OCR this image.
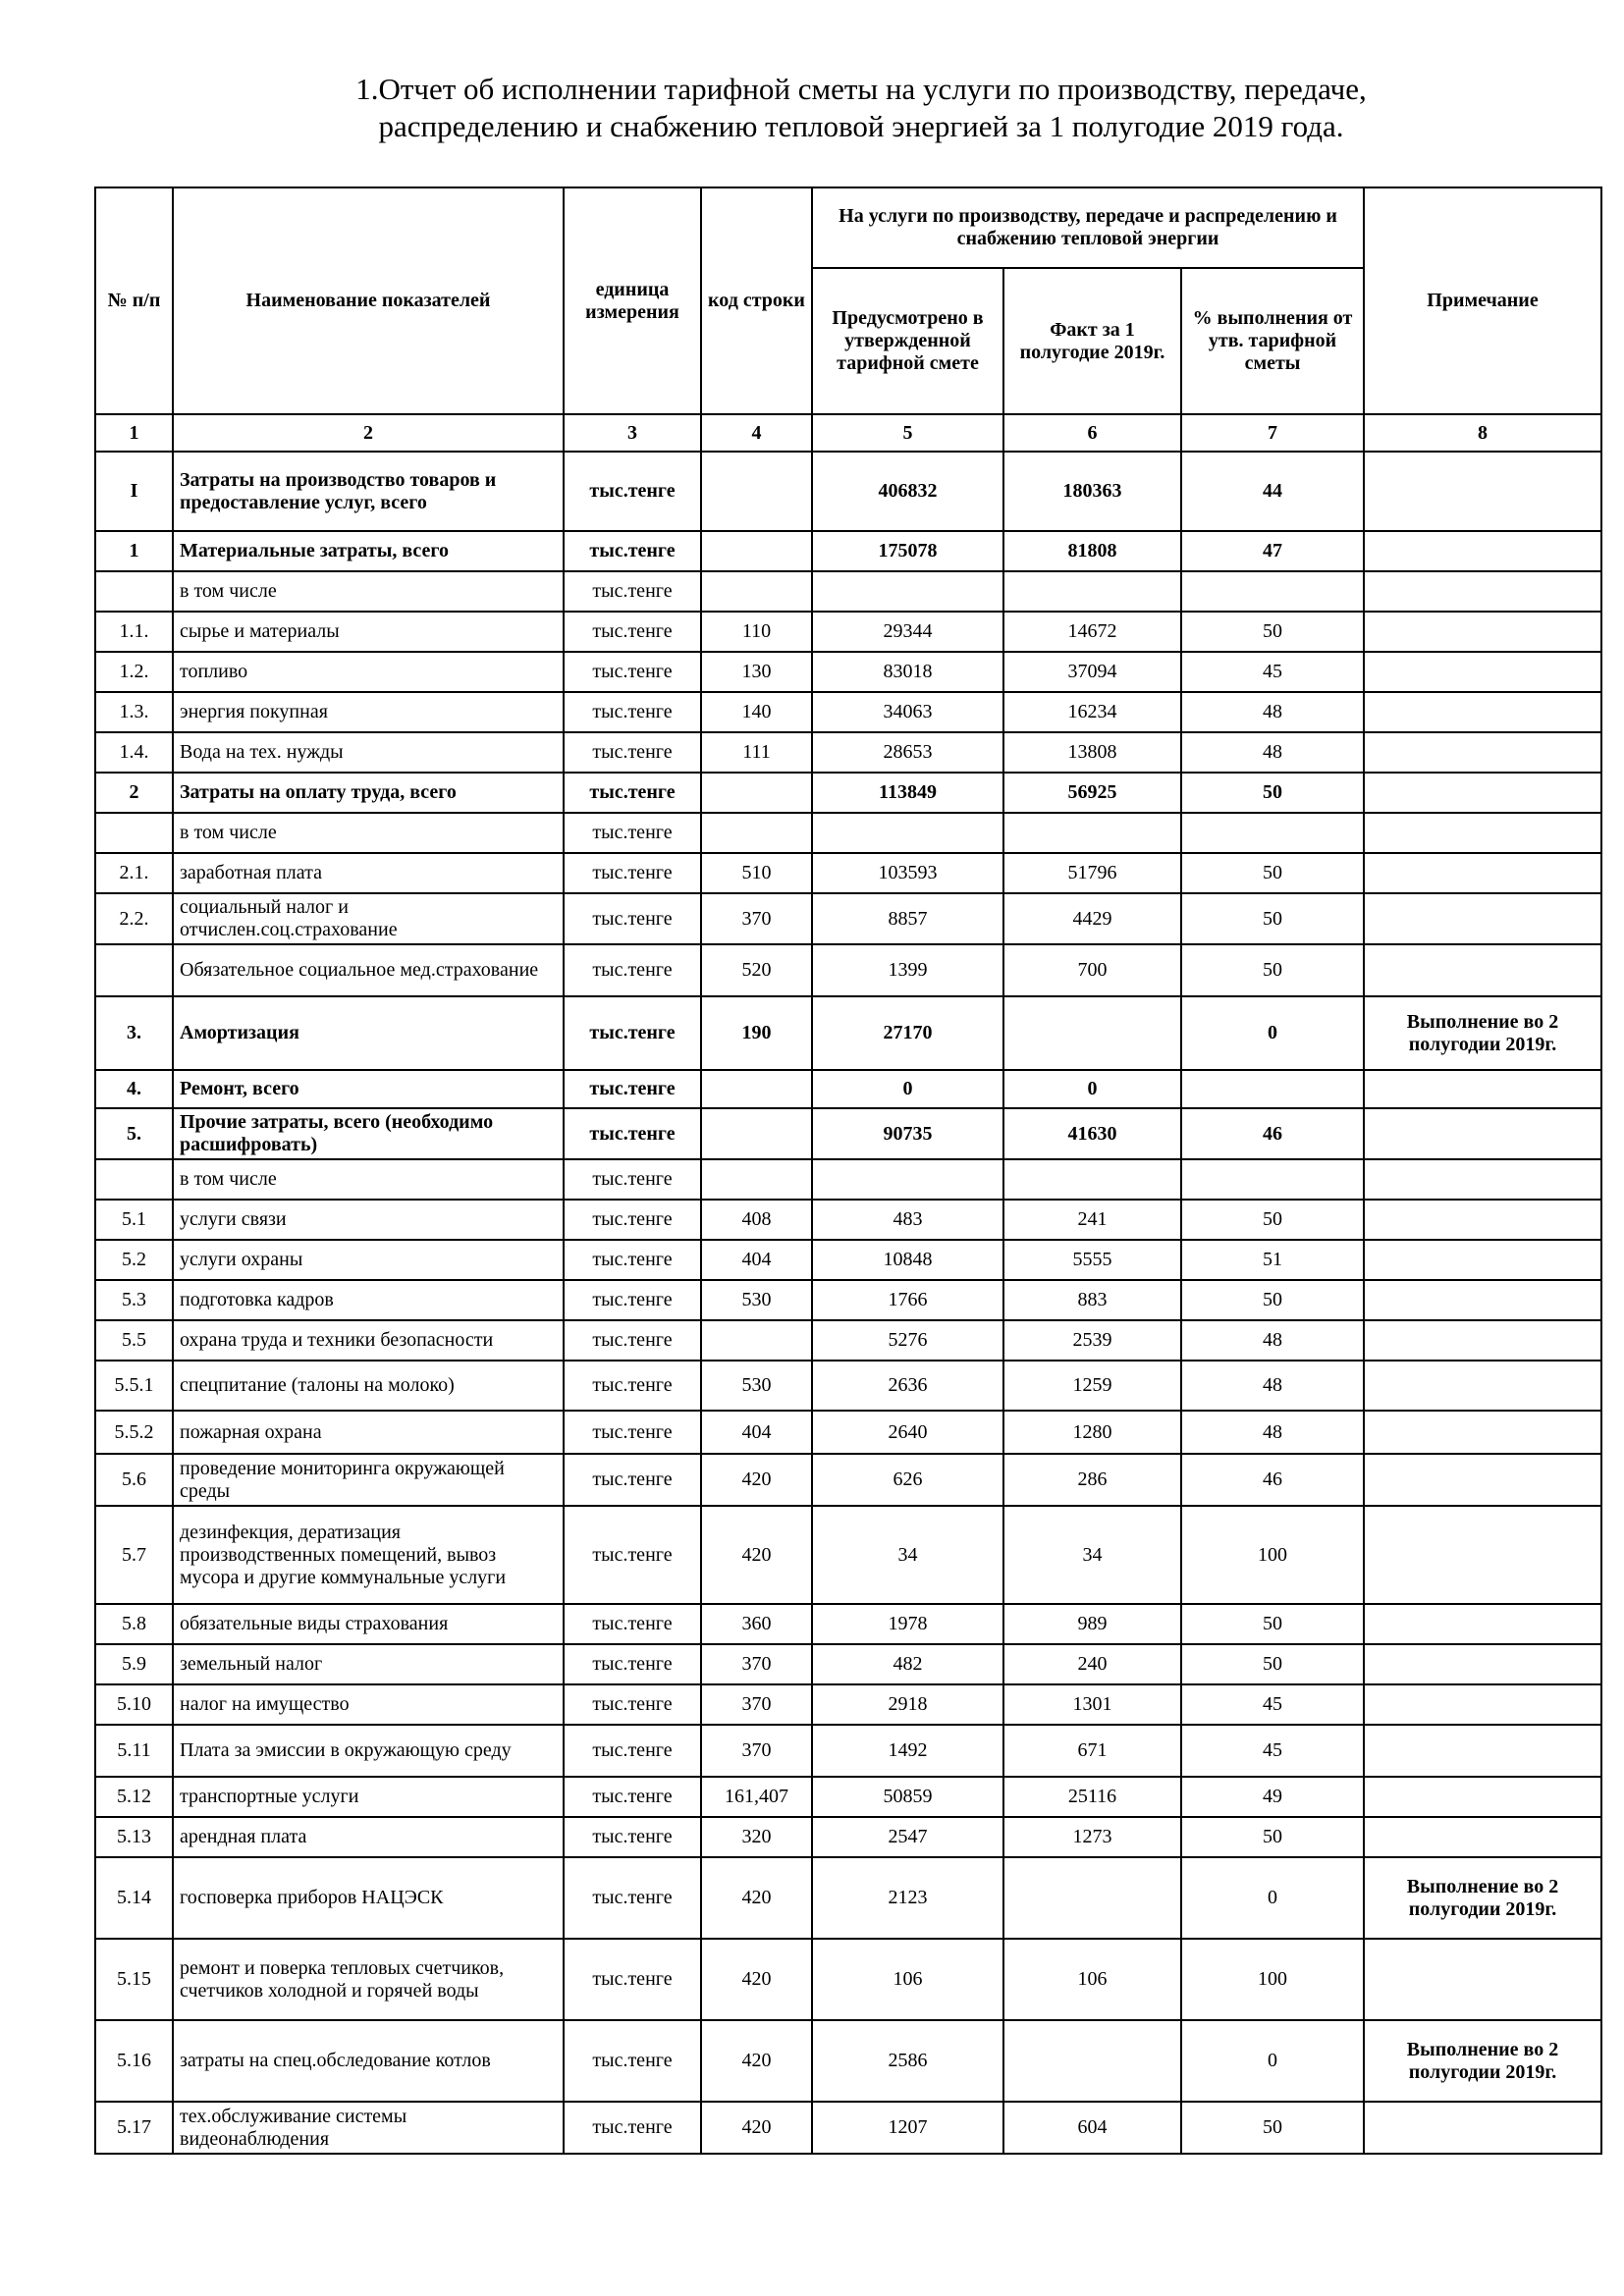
1.Отчет об исполнении тарифной сметы на услуги по производству, передаче,
распределению и снабжению тепловой энергией за 1 полугодие 2019 года.
№ п/п	Наименование показателей	единица измерения	код строки	На услуги по производству, передаче и распределению и снабжению тепловой энергии			Примечание
				Предусмотрено в утвержденной тарифной смете	Факт за 1 полугодие 2019г.	% выполнения от утв. тарифной сметы	
1	2	3	4	5	6	7	8
I	Затраты на производство товаров и предоставление услуг, всего	тыс.тенге		406832	180363	44	
1	Материальные затраты, всего	тыс.тенге		175078	81808	47	
	в том числе	тыс.тенге					
1.1.	сырье и материалы	тыс.тенге	110	29344	14672	50	
1.2.	топливо	тыс.тенге	130	83018	37094	45	
1.3.	энергия покупная	тыс.тенге	140	34063	16234	48	
1.4.	Вода на тех. нужды	тыс.тенге	111	28653	13808	48	
2	Затраты на оплату труда, всего	тыс.тенге		113849	56925	50	
	в том числе	тыс.тенге					
2.1.	заработная плата	тыс.тенге	510	103593	51796	50	
2.2.	социальный налог и отчислен.соц.страхование	тыс.тенге	370	8857	4429	50	
	Обязательное социальное мед.страхование	тыс.тенге	520	1399	700	50	
3.	Амортизация	тыс.тенге	190	27170		0	Выполнение во 2 полугодии 2019г.
4.	Ремонт, всего	тыс.тенге		0	0		
5.	Прочие затраты, всего (необходимо расшифровать)	тыс.тенге		90735	41630	46	
	в том числе	тыс.тенге					
5.1	услуги связи	тыс.тенге	408	483	241	50	
5.2	услуги охраны	тыс.тенге	404	10848	5555	51	
5.3	подготовка кадров	тыс.тенге	530	1766	883	50	
5.5	охрана труда и техники безопасности	тыс.тенге		5276	2539	48	
5.5.1	спецпитание (талоны на молоко)	тыс.тенге	530	2636	1259	48	
5.5.2	пожарная охрана	тыс.тенге	404	2640	1280	48	
5.6	проведение мониторинга окружающей среды	тыс.тенге	420	626	286	46	
5.7	дезинфекция, дератизация производственных помещений, вывоз мусора и другие коммунальные услуги	тыс.тенге	420	34	34	100	
5.8	обязательные виды страхования	тыс.тенге	360	1978	989	50	
5.9	земельный налог	тыс.тенге	370	482	240	50	
5.10	налог на имущество	тыс.тенге	370	2918	1301	45	
5.11	Плата за эмиссии в окружающую среду	тыс.тенге	370	1492	671	45	
5.12	транспортные услуги	тыс.тенге	161,407	50859	25116	49	
5.13	арендная плата	тыс.тенге	320	2547	1273	50	
5.14	госповерка приборов НАЦЭСК	тыс.тенге	420	2123		0	Выполнение во 2 полугодии 2019г.
5.15	ремонт и поверка тепловых счетчиков, счетчиков холодной и горячей воды	тыс.тенге	420	106	106	100	
5.16	затраты на спец.обследование котлов	тыс.тенге	420	2586		0	Выполнение во 2 полугодии 2019г.
5.17	тех.обслуживание системы видеонаблюдения	тыс.тенге	420	1207	604	50	
